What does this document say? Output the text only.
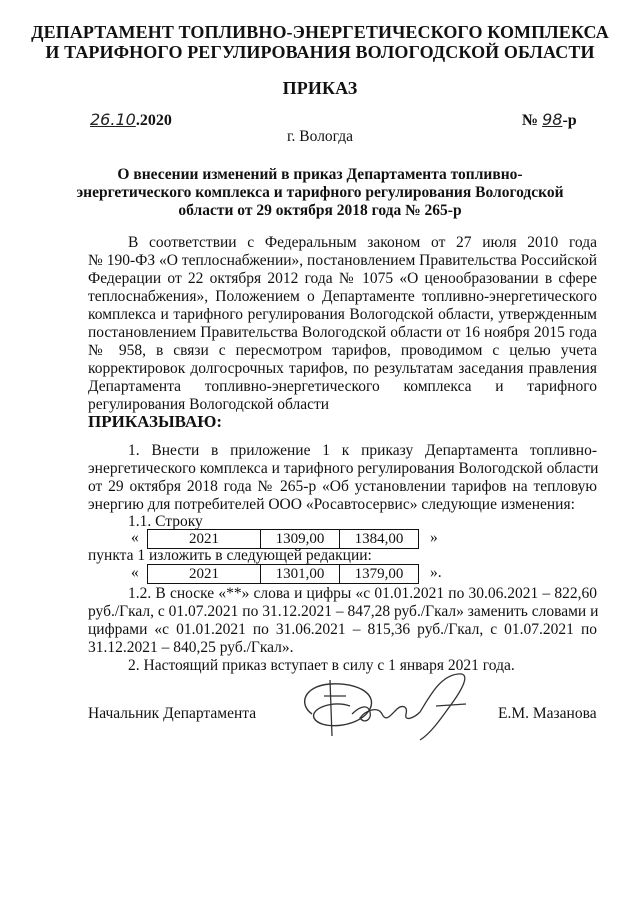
ДЕПАРТАМЕНТ ТОПЛИВНО-ЭНЕРГЕТИЧЕСКОГО КОМПЛЕКСА
И ТАРИФНОГО РЕГУЛИРОВАНИЯ ВОЛОГОДСКОЙ ОБЛАСТИ
ПРИКАЗ
26.10.2020	№ 98-р
г. Вологда
О внесении изменений в приказ Департамента топливно-
энергетического комплекса и тарифного регулирования Вологодской
области от 29 октября 2018 года № 265-р
В соответствии с Федеральным законом от 27 июля 2010 года
№ 190-ФЗ «О теплоснабжении», постановлением Правительства Российской
Федерации от 22 октября 2012 года № 1075 «О ценообразовании в сфере
теплоснабжения», Положением о Департаменте топливно-энергетического
комплекса и тарифного регулирования Вологодской области, утвержденным
постановлением Правительства Вологодской области от 16 ноября 2015 года
№ 958, в связи с пересмотром тарифов, проводимом с целью учета
корректировок долгосрочных тарифов, по результатам заседания правления
Департамента топливно-энергетического комплекса и тарифного
регулирования Вологодской области
ПРИКАЗЫВАЮ:
1. Внести в приложение 1 к приказу Департамента топливно-
энергетического комплекса и тарифного регулирования Вологодской области
от 29 октября 2018 года № 265-р «Об установлении тарифов на тепловую
энергию для потребителей ООО «Росавтосервис» следующие изменения:
1.1. Строку
«	2021	1309,00	1384,00 »
пункта 1 изложить в следующей редакции:
«	2021	1301,00	1379,00 ».
1.2. В сноске «**» слова и цифры «с 01.01.2021 по 30.06.2021 – 822,60
руб./Гкал, с 01.07.2021 по 31.12.2021 – 847,28 руб./Гкал» заменить словами и
цифрами «с 01.01.2021 по 31.06.2021 – 815,36 руб./Гкал, с 01.07.2021 по
31.12.2021 – 840,25 руб./Гкал».
2. Настоящий приказ вступает в силу с 1 января 2021 года.
Начальник Департамента	Е.М. Мазанова
